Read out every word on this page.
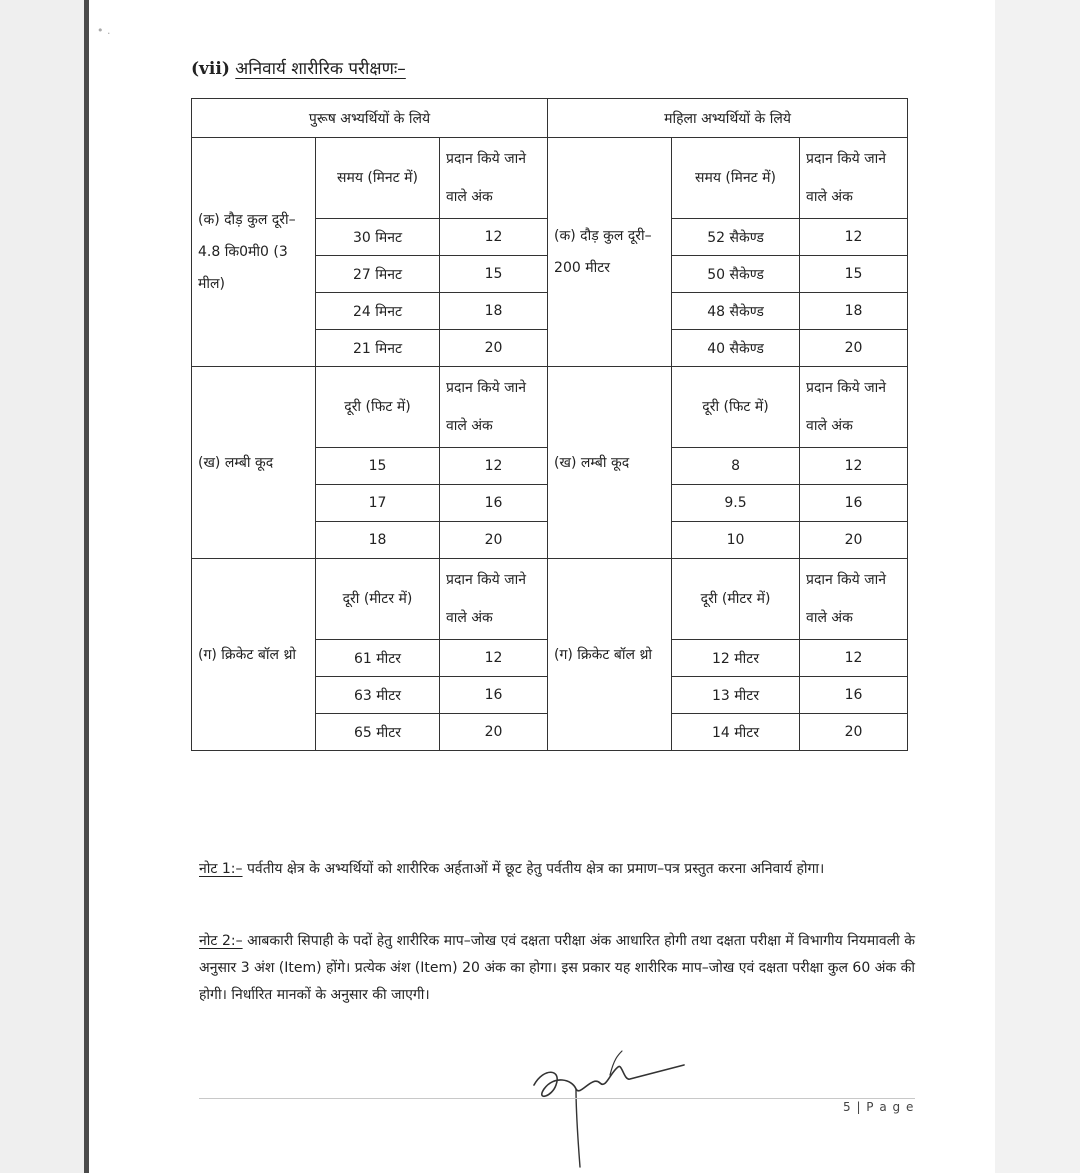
• .
(vii) अनिवार्य शारीरिक परीक्षणः–
पुरूष अभ्यर्थियों के लिये			महिला अभ्यर्थियों के लिये		
(क) दौड़ कुल दूरी– 4.8 कि0मी0 (3 मील)	समय (मिनट में)	प्रदान किये जाने वाले अंक	(क) दौड़ कुल दूरी– 200 मीटर	समय (मिनट में)	प्रदान किये जाने वाले अंक
	30 मिनट	12		52 सैकेण्ड	12
	27 मिनट	15		50 सैकेण्ड	15
	24 मिनट	18		48 सैकेण्ड	18
	21 मिनट	20		40 सैकेण्ड	20
(ख) लम्बी कूद	दूरी (फिट में)	प्रदान किये जाने वाले अंक	(ख) लम्बी कूद	दूरी (फिट में)	प्रदान किये जाने वाले अंक
	15	12		8	12
	17	16		9.5	16
	18	20		10	20
(ग) क्रिकेट बॉल थ्रो	दूरी (मीटर में)	प्रदान किये जाने वाले अंक	(ग) क्रिकेट बॉल थ्रो	दूरी (मीटर में)	प्रदान किये जाने वाले अंक
	61 मीटर	12		12 मीटर	12
	63 मीटर	16		13 मीटर	16
	65 मीटर	20		14 मीटर	20
नोट 1:– पर्वतीय क्षेत्र के अभ्यर्थियों को शारीरिक अर्हताओं में छूट हेतु पर्वतीय क्षेत्र का प्रमाण–पत्र प्रस्तुत करना अनिवार्य होगा।
नोट 2:– आबकारी सिपाही के पदों हेतु शारीरिक माप–जोख एवं दक्षता परीक्षा अंक आधारित होगी तथा दक्षता परीक्षा में विभागीय नियमावली के अनुसार 3 अंश (Item) होंगे। प्रत्येक अंश (Item) 20 अंक का होगा। इस प्रकार यह शारीरिक माप–जोख एवं दक्षता परीक्षा कुल 60 अंक की होगी। निर्धारित मानकों के अनुसार की जाएगी।
5 | P a g e
